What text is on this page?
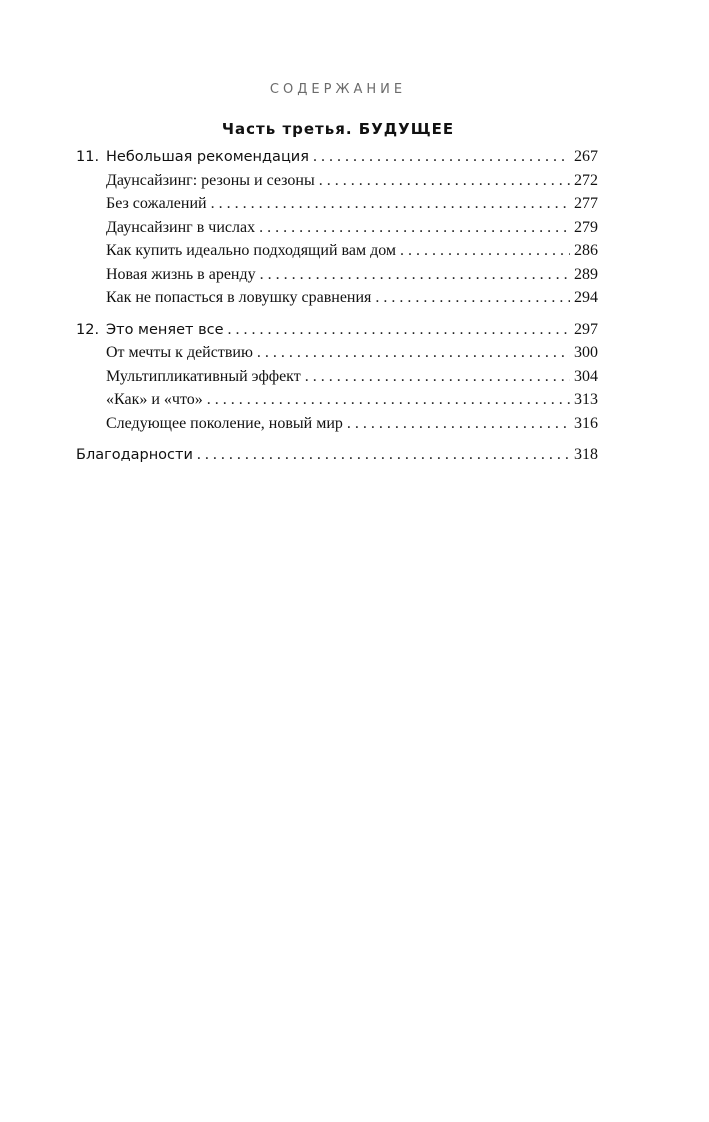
СОДЕРЖАНИЕ
Часть третья. БУДУЩЕЕ
11. Небольшая рекомендация . . .	267
Даунсайзинг: резоны и сезоны . . .	272
Без сожалений . . .	277
Даунсайзинг в числах . . .	279
Как купить идеально подходящий вам дом . . .	286
Новая жизнь в аренду . . .	289
Как не попасться в ловушку сравнения . . .	294
12. Это меняет все . . .	297
От мечты к действию . . .	300
Мультипликативный эффект . . .	304
«Как» и «что» . . .	313
Следующее поколение, новый мир . . .	316
Благодарности . . .	318
